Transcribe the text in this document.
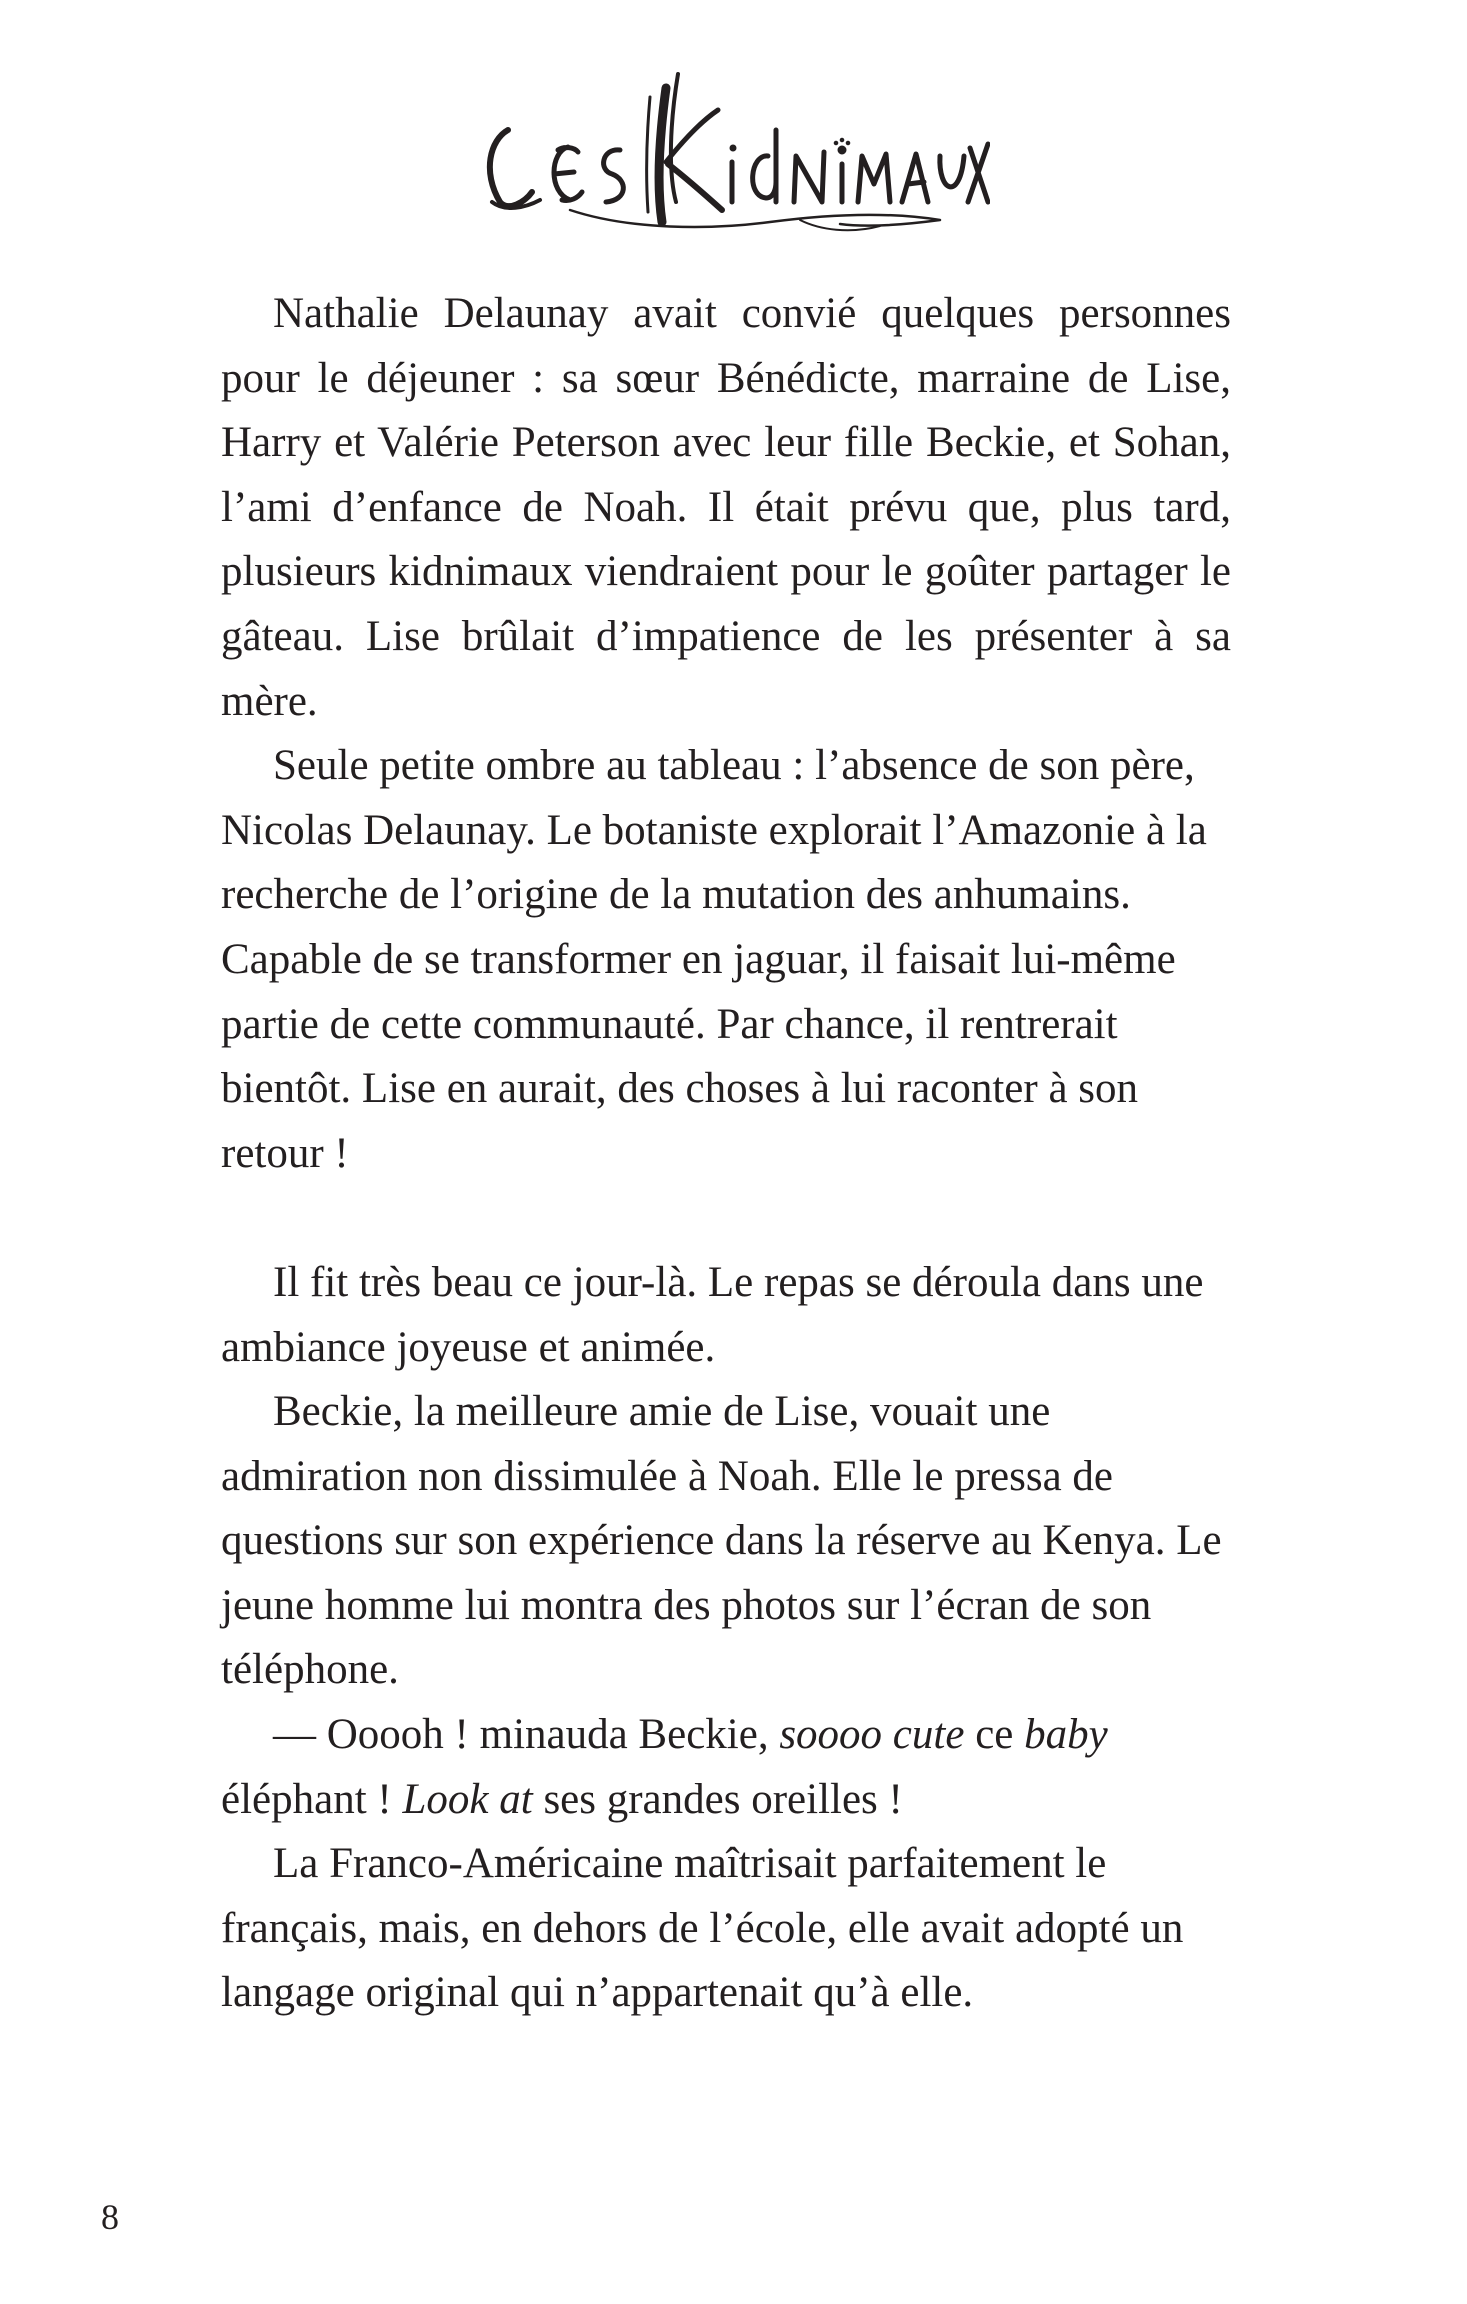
Nathalie Delaunay avait convié quelques personnes pour le déjeuner : sa sœur Bénédicte, marraine de Lise, Harry et Valérie Peterson avec leur fille Beckie, et Sohan, l’ami d’enfance de Noah. Il était prévu que, plus tard, plusieurs kidnimaux viendraient pour le goûter partager le gâteau. Lise brûlait d’impatience de les présenter à sa mère.

Seule petite ombre au tableau : l’absence de son père, Nicolas Delaunay. Le botaniste explorait l’Amazonie à la recherche de l’origine de la mutation des anhumains. Capable de se transformer en jaguar, il faisait lui-même partie de cette communauté. Par chance, il rentrerait bientôt. Lise en aurait, des choses à lui raconter à son retour !

Il fit très beau ce jour-là. Le repas se déroula dans une ambiance joyeuse et animée.

Beckie, la meilleure amie de Lise, vouait une admiration non dissimulée à Noah. Elle le pressa de questions sur son expérience dans la réserve au Kenya. Le jeune homme lui montra des photos sur l’écran de son téléphone.

— Ooooh ! minauda Beckie, soooo cute ce baby éléphant ! Look at ses grandes oreilles !

La Franco-Américaine maîtrisait parfaitement le français, mais, en dehors de l’école, elle avait adopté un langage original qui n’appartenait qu’à elle.

8
